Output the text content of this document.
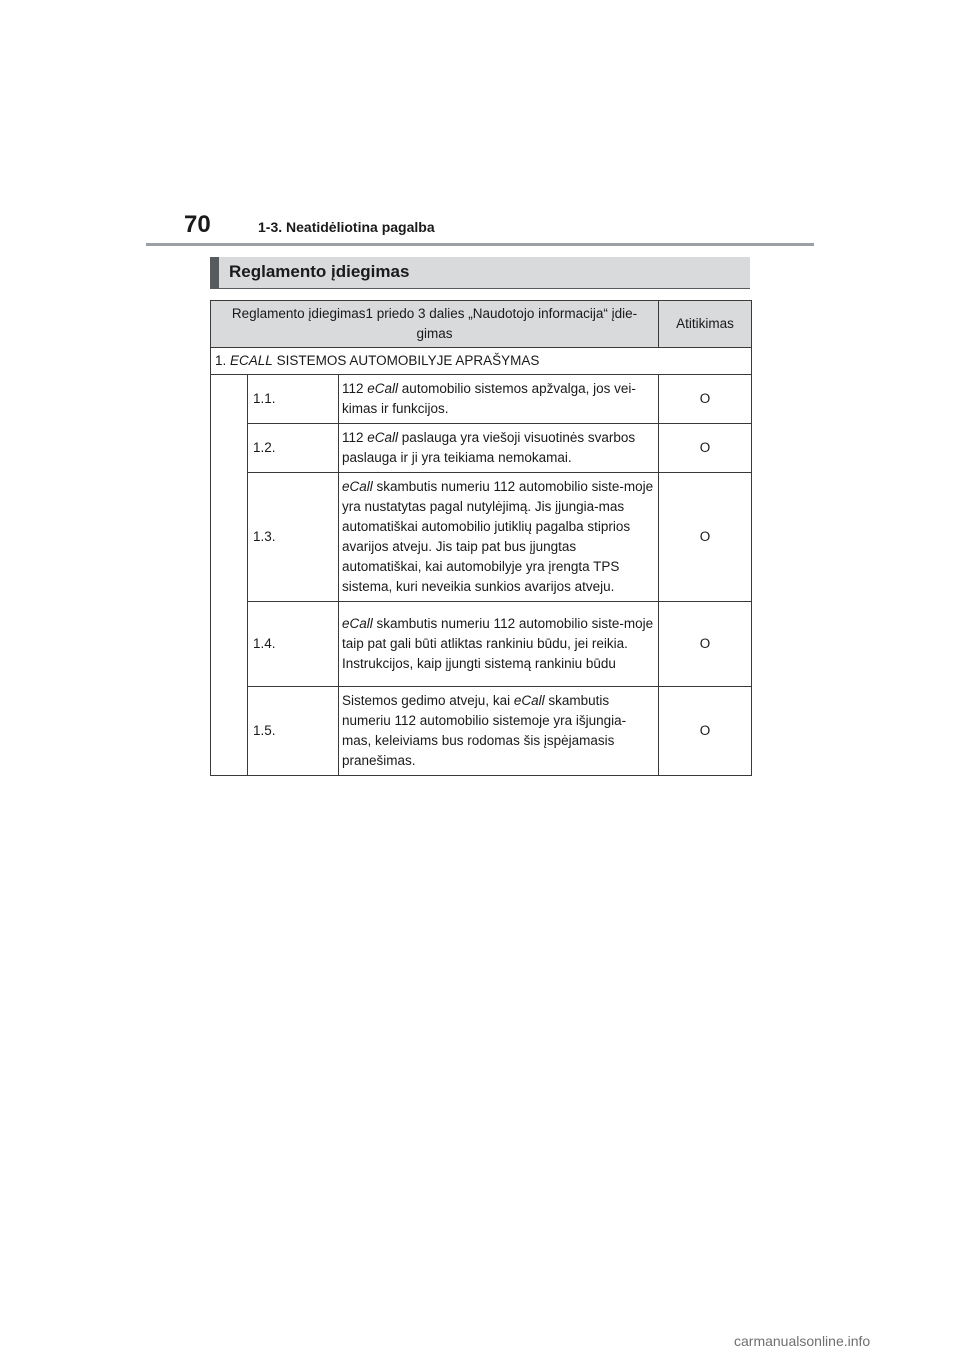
70	1-3. Neatidėliotina pagalba
Reglamento įdiegimas
Reglamento įdiegimas1 priedo 3 dalies „Naudotojo informacija“ įdie-gimas			Atitikimas
1. ECALL SISTEMOS AUTOMOBILYJE APRAŠYMAS			
	1.1.	112 eCall automobilio sistemos apžvalga, jos vei-kimas ir funkcijos.	O
	1.2.	112 eCall paslauga yra viešoji visuotinės svarbos paslauga ir ji yra teikiama nemokamai.	O
	1.3.	eCall skambutis numeriu 112 automobilio siste-moje yra nustatytas pagal nutylėjimą. Jis įjungia-mas automatiškai automobilio jutiklių pagalba stiprios avarijos atveju. Jis taip pat bus įjungtas automatiškai, kai automobilyje yra įrengta TPS sistema, kuri neveikia sunkios avarijos atveju.	O
	1.4.	eCall skambutis numeriu 112 automobilio siste-moje taip pat gali būti atliktas rankiniu būdu, jei reikia. Instrukcijos, kaip įjungti sistemą rankiniu būdu	O
	1.5.	Sistemos gedimo atveju, kai eCall skambutis numeriu 112 automobilio sistemoje yra išjungia-mas, keleiviams bus rodomas šis įspėjamasis pranešimas.	O
carmanualsonline.info
